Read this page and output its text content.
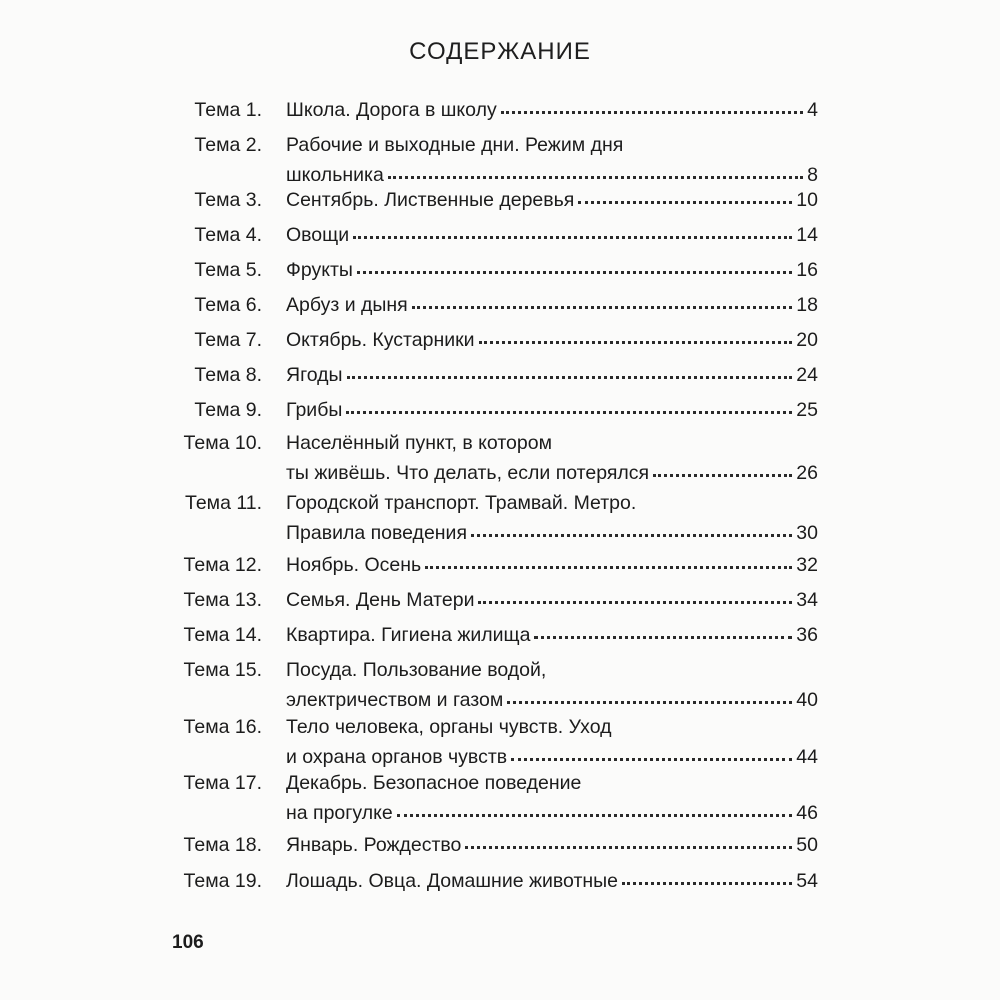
СОДЕРЖАНИЕ
Тема 1. Школа. Дорога в школу	4
Тема 2. Рабочие и выходные дни. Режим дня
школьника	8
Тема 3. Сентябрь. Лиственные деревья	10
Тема 4. Овощи	14
Тема 5. Фрукты	16
Тема 6. Арбуз и дыня	18
Тема 7. Октябрь. Кустарники	20
Тема 8. Ягоды	24
Тема 9. Грибы	25
Тема 10. Населённый пункт, в котором
ты живёшь. Что делать, если потерялся	26
Тема 11. Городской транспорт. Трамвай. Метро.
Правила поведения	30
Тема 12. Ноябрь. Осень	32
Тема 13. Семья. День Матери	34
Тема 14. Квартира. Гигиена жилища	36
Тема 15. Посуда. Пользование водой,
электричеством и газом	40
Тема 16. Тело человека, органы чувств. Уход
и охрана органов чувств	44
Тема 17. Декабрь. Безопасное поведение
на прогулке	46
Тема 18. Январь. Рождество	50
Тема 19. Лошадь. Овца. Домашние животные	54
106
